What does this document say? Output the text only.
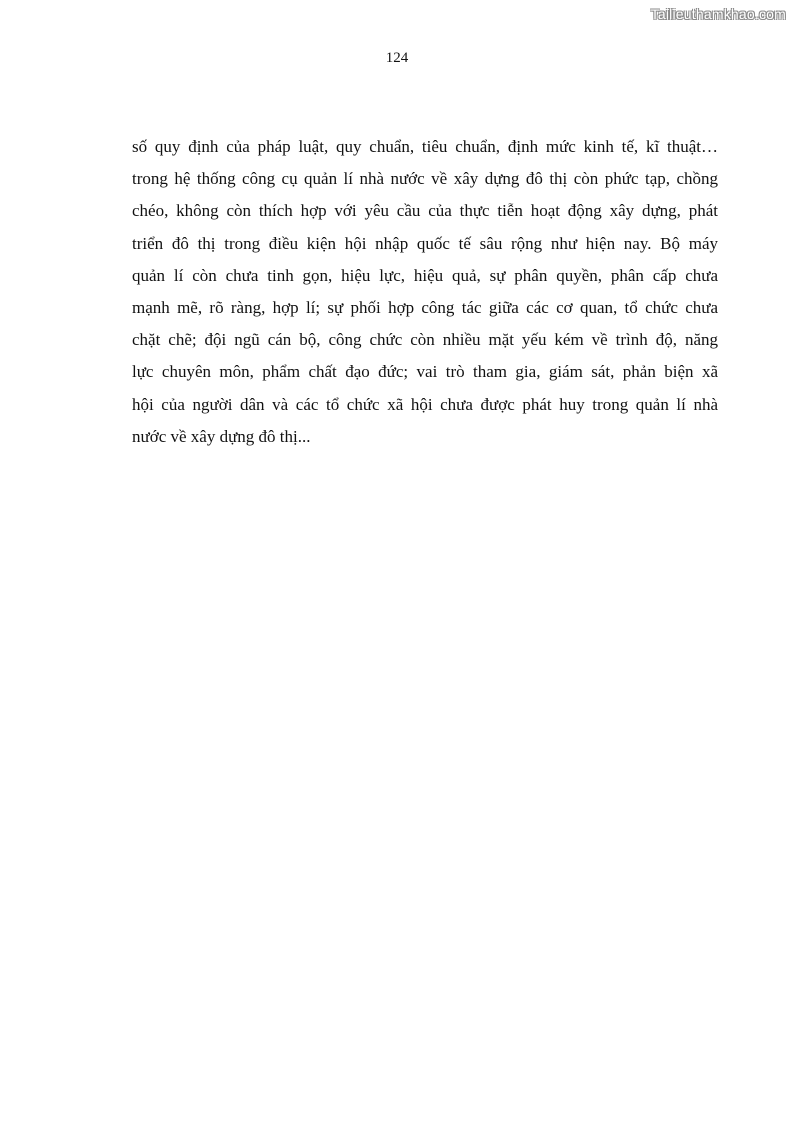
Tailieuthamkhao.com
124
số quy định của pháp luật, quy chuẩn, tiêu chuẩn, định mức kinh tế, kĩ thuật…
trong hệ thống công cụ quản lí nhà nước về xây dựng đô thị còn phức tạp, chồng
chéo, không còn thích hợp với yêu cầu của thực tiễn hoạt động xây dựng, phát
triển đô thị trong điều kiện hội nhập quốc tế sâu rộng như hiện nay. Bộ máy
quản lí còn chưa tinh gọn, hiệu lực, hiệu quả, sự phân quyền, phân cấp chưa
mạnh mẽ, rõ ràng, hợp lí; sự phối hợp công tác giữa các cơ quan, tổ chức chưa
chặt chẽ; đội ngũ cán bộ, công chức còn nhiều mặt yếu kém về trình độ, năng
lực chuyên môn, phẩm chất đạo đức; vai trò tham gia, giám sát, phản biện xã
hội của người dân và các tổ chức xã hội chưa được phát huy trong quản lí nhà
nước về xây dựng đô thị...
